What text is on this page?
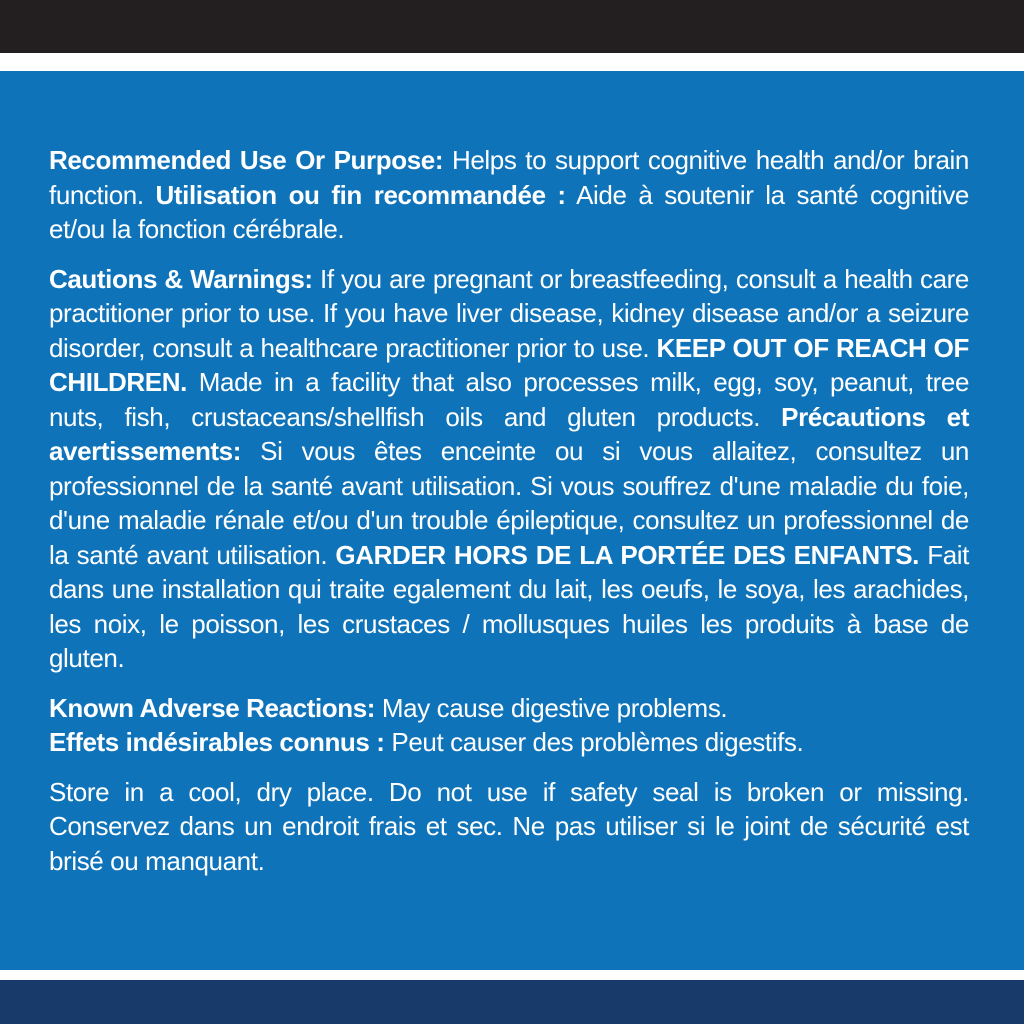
Recommended Use Or Purpose: Helps to support cognitive health and/or brain function. Utilisation ou fin recommandée : Aide à soutenir la santé cognitive et/ou la fonction cérébrale.

Cautions & Warnings: If you are pregnant or breastfeeding, consult a health care practitioner prior to use. If you have liver disease, kidney disease and/or a seizure disorder, consult a healthcare practitioner prior to use. KEEP OUT OF REACH OF CHILDREN. Made in a facility that also processes milk, egg, soy, peanut, tree nuts, fish, crustaceans/shellfish oils and gluten products. Précautions et avertissements: Si vous êtes enceinte ou si vous allaitez, consultez un professionnel de la santé avant utilisation. Si vous souffrez d'une maladie du foie, d'une maladie rénale et/ou d'un trouble épileptique, consultez un professionnel de la santé avant utilisation. GARDER HORS DE LA PORTÉE DES ENFANTS. Fait dans une installation qui traite egalement du lait, les oeufs, le soya, les arachides, les noix, le poisson, les crustaces / mollusques huiles les produits à base de gluten.

Known Adverse Reactions: May cause digestive problems.
Effets indésirables connus : Peut causer des problèmes digestifs.

Store in a cool, dry place. Do not use if safety seal is broken or missing. Conservez dans un endroit frais et sec. Ne pas utiliser si le joint de sécurité est brisé ou manquant.
